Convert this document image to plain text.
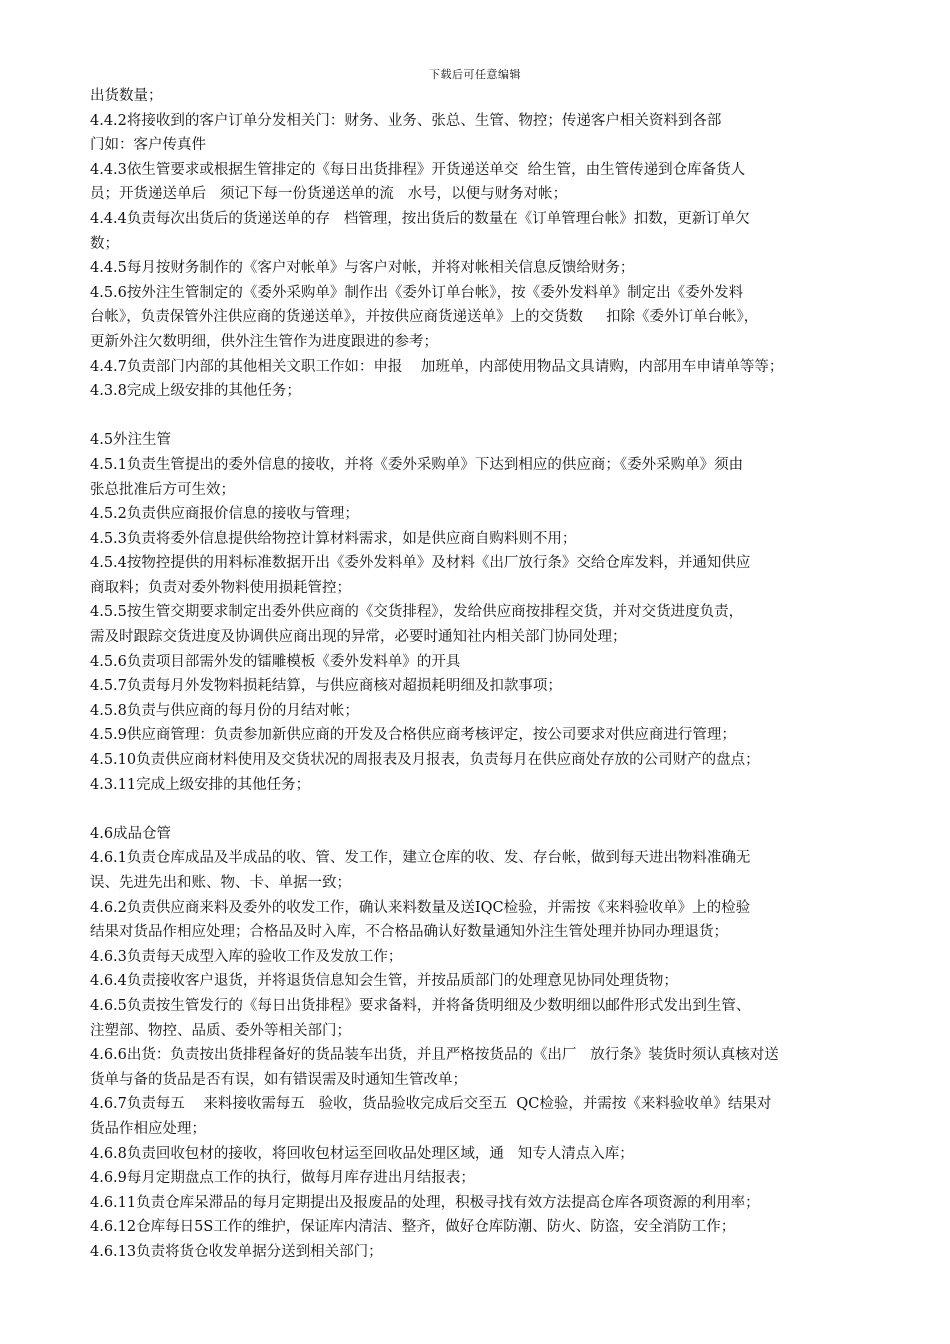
下载后可任意编辑
出货数量；
4.4.2将接收到的客户订单分发相关门：财务、业务、张总、生管、物控；传递客户相关资料到各部
门如：客户传真件
4.4.3依生管要求或根据生管排定的《每日出货排程》开货递送单交  给生管，由生管传递到仓库备货人
员；开货递送单后   须记下每一份货递送单的流   水号，以便与财务对帐；
4.4.4负责每次出货后的货递送单的存   档管理，按出货后的数量在《订单管理台帐》扣数，更新订单欠
数；
4.4.5每月按财务制作的《客户对帐单》与客户对帐，并将对帐相关信息反馈给财务；
4.5.6按外注生管制定的《委外采购单》制作出《委外订单台帐》，按《委外发料单》制定出《委外发料
台帐》，负责保管外注供应商的货递送单》，并按供应商货递送单》上的交货数     扣除《委外订单台帐》，
更新外注欠数明细，供外注生管作为进度跟进的参考；
4.4.7负责部门内部的其他相关文职工作如：申报    加班单，内部使用物品文具请购，内部用车申请单等等；
4.3.8完成上级安排的其他任务；
4.5外注生管
4.5.1负责生管提出的委外信息的接收，并将《委外采购单》下达到相应的供应商；《委外采购单》须由
张总批准后方可生效；
4.5.2负责供应商报价信息的接收与管理；
4.5.3负责将委外信息提供给物控计算材料需求，如是供应商自购料则不用；
4.5.4按物控提供的用料标准数据开出《委外发料单》及材料《出厂放行条》交给仓库发料，并通知供应
商取料；负责对委外物料使用损耗管控；
4.5.5按生管交期要求制定出委外供应商的《交货排程》，发给供应商按排程交货，并对交货进度负责，
需及时跟踪交货进度及协调供应商出现的异常，必要时通知社内相关部门协同处理；
4.5.6负责项目部需外发的镭雕模板《委外发料单》的开具
4.5.7负责每月外发物料损耗结算，与供应商核对超损耗明细及扣款事项；
4.5.8负责与供应商的每月份的月结对帐；
4.5.9供应商管理：负责参加新供应商的开发及合格供应商考核评定，按公司要求对供应商进行管理；
4.5.10负责供应商材料使用及交货状况的周报表及月报表，负责每月在供应商处存放的公司财产的盘点；
4.3.11完成上级安排的其他任务；
4.6成品仓管
4.6.1负责仓库成品及半成品的收、管、发工作，建立仓库的收、发、存台帐，做到每天进出物料准确无
误、先进先出和账、物、卡、单据一致；
4.6.2负责供应商来料及委外的收发工作，确认来料数量及送IQC检验，并需按《来料验收单》上的检验
结果对货品作相应处理；合格品及时入库，不合格品确认好数量通知外注生管处理并协同办理退货；
4.6.3负责每天成型入库的验收工作及发放工作；
4.6.4负责接收客户退货，并将退货信息知会生管，并按品质部门的处理意见协同处理货物；
4.6.5负责按生管发行的《每日出货排程》要求备料，并将备货明细及少数明细以邮件形式发出到生管、
注塑部、物控、品质、委外等相关部门；
4.6.6出货：负责按出货排程备好的货品装车出货，并且严格按货品的《出厂   放行条》装货时须认真核对送
货单与备的货品是否有误，如有错误需及时通知生管改单；
4.6.7负责每五    来料接收需每五   验收，货品验收完成后交至五  QC检验，并需按《来料验收单》结果对
货品作相应处理；
4.6.8负责回收包材的接收，将回收包材运至回收品处理区域，通   知专人清点入库；
4.6.9每月定期盘点工作的执行，做每月库存进出月结报表；
4.6.11负责仓库呆滞品的每月定期提出及报废品的处理，积极寻找有效方法提高仓库各项资源的利用率；
4.6.12仓库每日5S工作的维护，保证库内清洁、整齐，做好仓库防潮、防火、防盗，安全消防工作；
4.6.13负责将货仓收发单据分送到相关部门；
